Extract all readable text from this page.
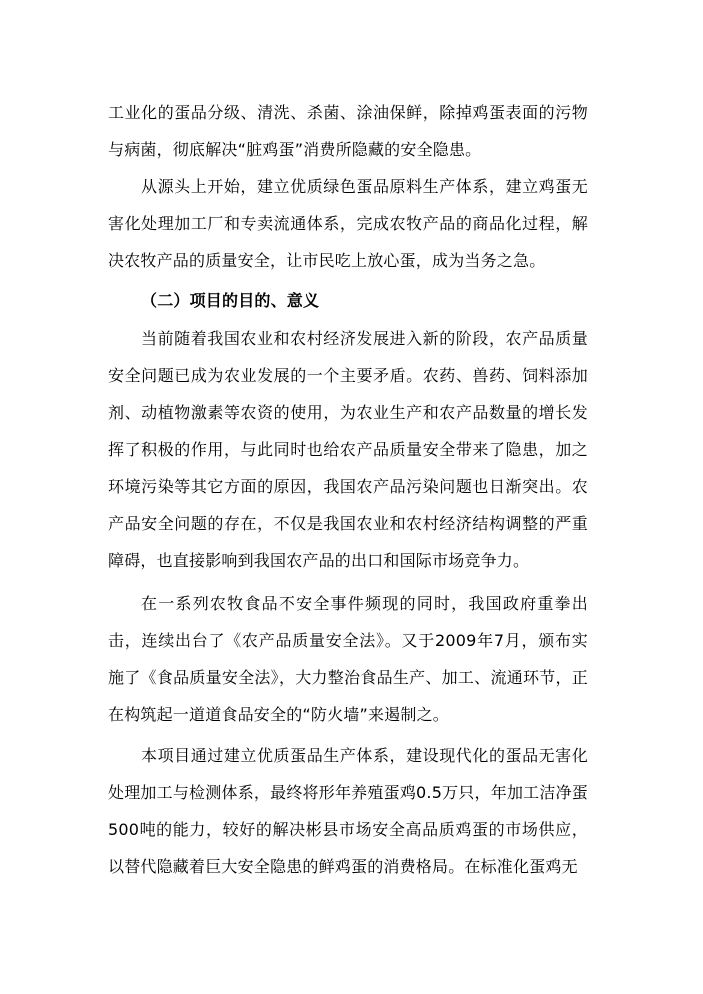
工业化的蛋品分级、清洗、杀菌、涂油保鲜，除掉鸡蛋表面的污物与病菌，彻底解决“脏鸡蛋”消费所隐藏的安全隐患。

从源头上开始，建立优质绿色蛋品原料生产体系，建立鸡蛋无害化处理加工厂和专卖流通体系，完成农牧产品的商品化过程，解决农牧产品的质量安全，让市民吃上放心蛋，成为当务之急。

（二）项目的目的、意义

当前随着我国农业和农村经济发展进入新的阶段，农产品质量安全问题已成为农业发展的一个主要矛盾。农药、兽药、饲料添加剂、动植物激素等农资的使用，为农业生产和农产品数量的增长发挥了积极的作用，与此同时也给农产品质量安全带来了隐患，加之环境污染等其它方面的原因，我国农产品污染问题也日渐突出。农产品安全问题的存在，不仅是我国农业和农村经济结构调整的严重障碍，也直接影响到我国农产品的出口和国际市场竞争力。

在一系列农牧食品不安全事件频现的同时，我国政府重拳出击，连续出台了《农产品质量安全法》。又于2009年7月，颁布实施了《食品质量安全法》，大力整治食品生产、加工、流通环节，正在构筑起一道道食品安全的“防火墙”来遏制之。

本项目通过建立优质蛋品生产体系，建设现代化的蛋品无害化处理加工与检测体系，最终将形年养殖蛋鸡0.5万只，年加工洁净蛋500吨的能力，较好的解决彬县市场安全高品质鸡蛋的市场供应，以替代隐藏着巨大安全隐患的鲜鸡蛋的消费格局。在标准化蛋鸡无
